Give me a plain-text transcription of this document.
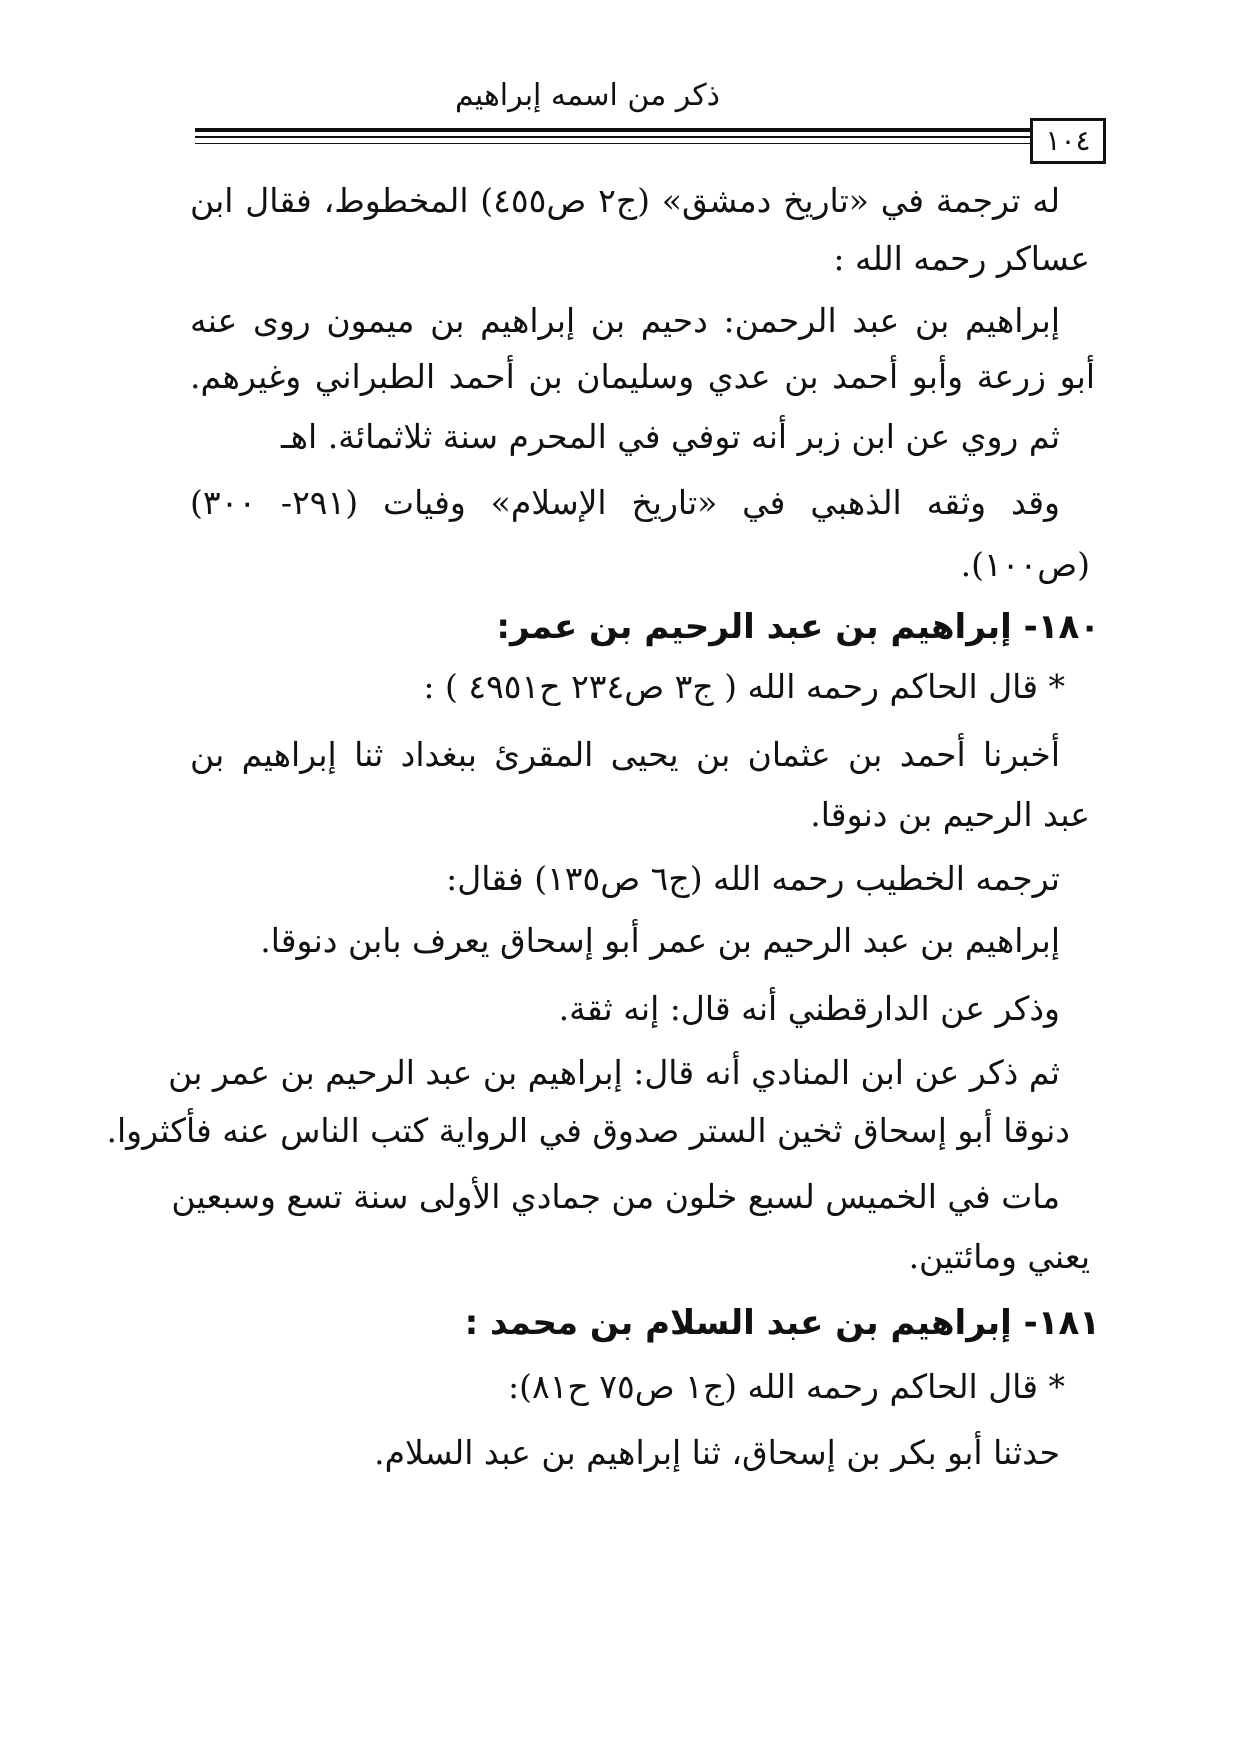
ذكر من اسمه إبراهيم
١٠٤
له ترجمة في «تاريخ دمشق» (ج٢ ص٤٥٥) المخطوط، فقال ابن
عساكر رحمه الله :
إبراهيم بن عبد الرحمن: دحيم بن إبراهيم بن ميمون روى عنه
أبو زرعة وأبو أحمد بن عدي وسليمان بن أحمد الطبراني وغيرهم.
ثم روي عن ابن زبر أنه توفي في المحرم سنة ثلاثمائة. اهـ
وقد وثقه الذهبي في «تاريخ الإسلام» وفيات (٢٩١- ٣٠٠)
(ص١٠٠).
١٨٠- إبراهيم بن عبد الرحيم بن عمر:
* قال الحاكم رحمه الله ( ج٣ ص٢٣٤ ح٤٩٥١ ) :
أخبرنا أحمد بن عثمان بن يحيى المقرئ ببغداد ثنا إبراهيم بن
عبد الرحيم بن دنوقا.
ترجمه الخطيب رحمه الله (ج٦ ص١٣٥) فقال:
إبراهيم بن عبد الرحيم بن عمر أبو إسحاق يعرف بابن دنوقا.
وذكر عن الدارقطني أنه قال: إنه ثقة.
ثم ذكر عن ابن المنادي أنه قال: إبراهيم بن عبد الرحيم بن عمر بن
دنوقا أبو إسحاق ثخين الستر صدوق في الرواية كتب الناس عنه فأكثروا.
مات في الخميس لسبع خلون من جمادي الأولى سنة تسع وسبعين
يعني ومائتين.
١٨١- إبراهيم بن عبد السلام بن محمد :
* قال الحاكم رحمه الله (ج١ ص٧٥ ح٨١):
حدثنا أبو بكر بن إسحاق، ثنا إبراهيم بن عبد السلام.
